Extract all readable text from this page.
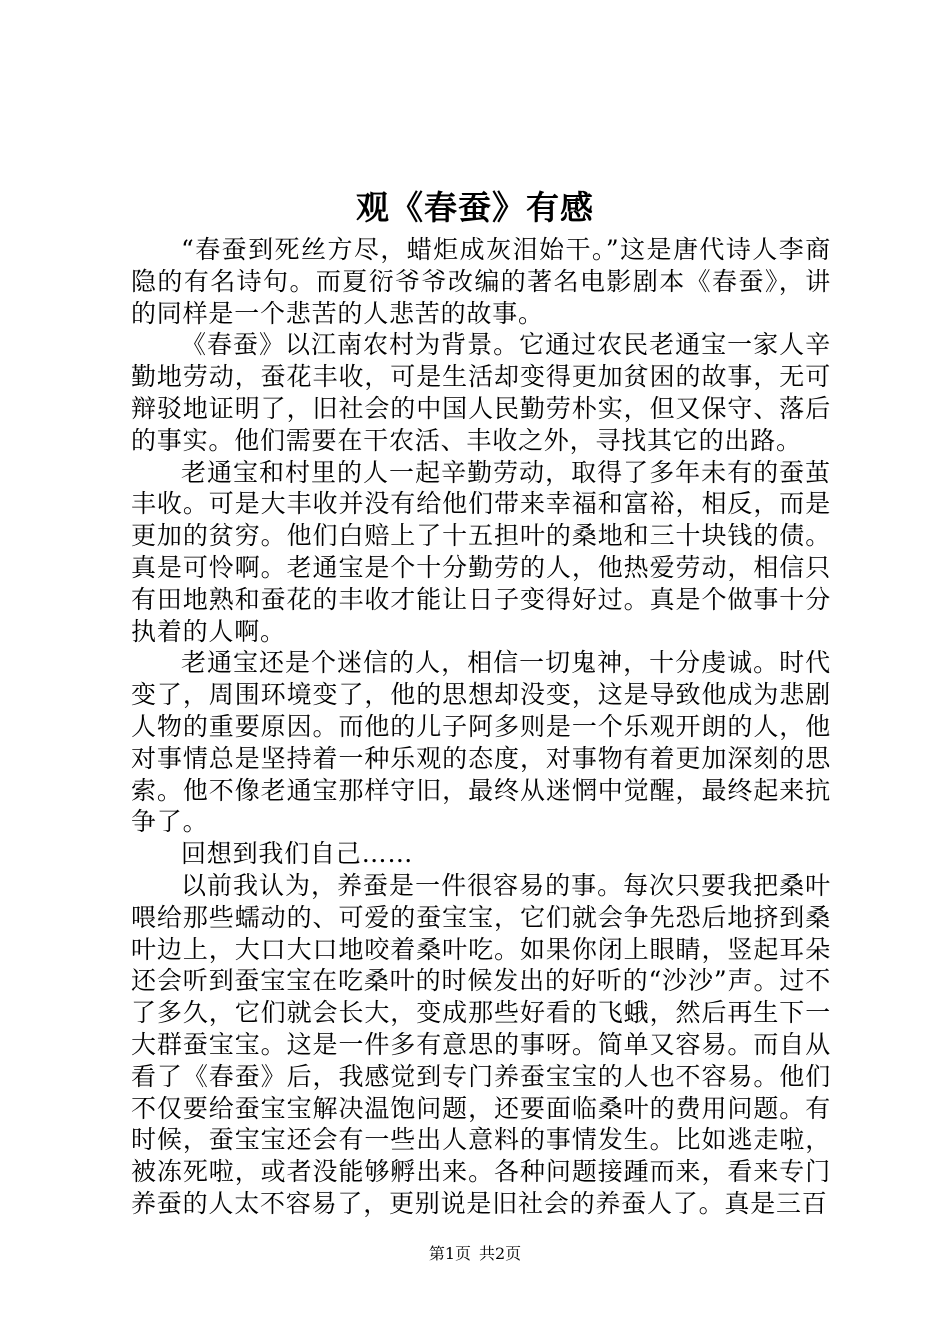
观《春蚕》有感

“春蚕到死丝方尽，蜡炬成灰泪始干。”这是唐代诗人李商隐的有名诗句。而夏衍爷爷改编的著名电影剧本《春蚕》，讲的同样是一个悲苦的人悲苦的故事。

《春蚕》以江南农村为背景。它通过农民老通宝一家人辛勤地劳动，蚕花丰收，可是生活却变得更加贫困的故事，无可辩驳地证明了，旧社会的中国人民勤劳朴实，但又保守、落后的事实。他们需要在干农活、丰收之外，寻找其它的出路。

老通宝和村里的人一起辛勤劳动，取得了多年未有的蚕茧丰收。可是大丰收并没有给他们带来幸福和富裕，相反，而是更加的贫穷。他们白赔上了十五担叶的桑地和三十块钱的债。真是可怜啊。老通宝是个十分勤劳的人，他热爱劳动，相信只有田地熟和蚕花的丰收才能让日子变得好过。真是个做事十分执着的人啊。

老通宝还是个迷信的人，相信一切鬼神，十分虔诚。时代变了，周围环境变了，他的思想却没变，这是导致他成为悲剧人物的重要原因。而他的儿子阿多则是一个乐观开朗的人，他对事情总是坚持着一种乐观的态度，对事物有着更加深刻的思索。他不像老通宝那样守旧，最终从迷惘中觉醒，最终起来抗争了。

回想到我们自己……

以前我认为，养蚕是一件很容易的事。每次只要我把桑叶喂给那些蠕动的、可爱的蚕宝宝，它们就会争先恐后地挤到桑叶边上，大口大口地咬着桑叶吃。如果你闭上眼睛，竖起耳朵还会听到蚕宝宝在吃桑叶的时候发出的好听的“沙沙”声。过不了多久，它们就会长大，变成那些好看的飞蛾，然后再生下一大群蚕宝宝。这是一件多有意思的事呀。简单又容易。而自从看了《春蚕》后，我感觉到专门养蚕宝宝的人也不容易。他们不仅要给蚕宝宝解决温饱问题，还要面临桑叶的费用问题。有时候，蚕宝宝还会有一些出人意料的事情发生。比如逃走啦，被冻死啦，或者没能够孵出来。各种问题接踵而来，看来专门养蚕的人太不容易了，更别说是旧社会的养蚕人了。真是三百

第1页 共2页
